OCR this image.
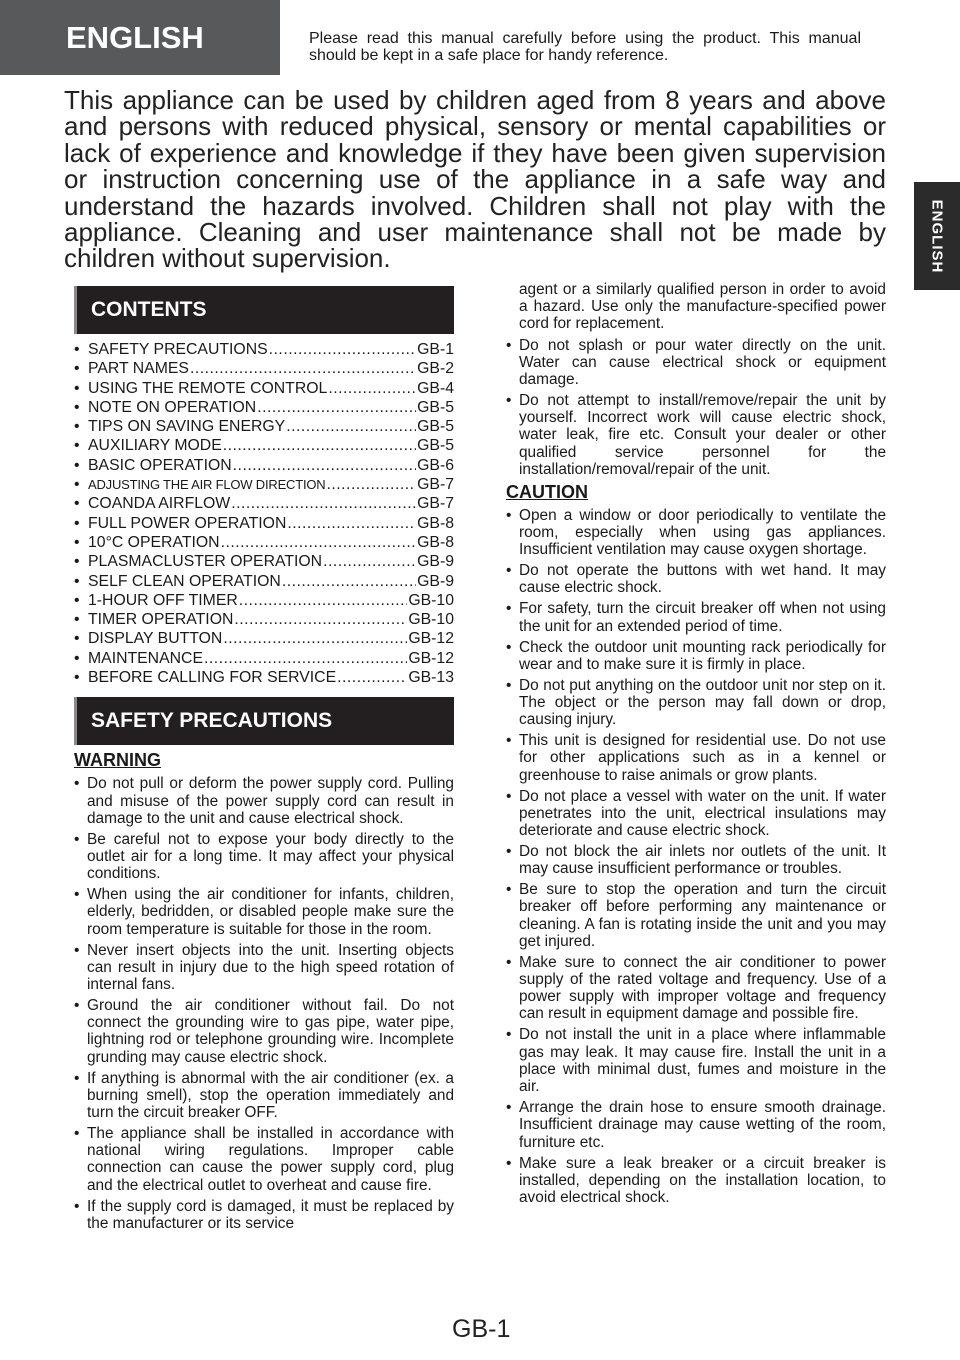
ENGLISH	Please read this manual carefully before using the product. This manual should be kept in a safe place for handy reference.
This appliance can be used by children aged from 8 years and above and persons with reduced physical, sensory or mental capabilities or lack of experience and knowledge if they have been given supervision or instruction concerning use of the appliance in a safe way and understand the hazards involved. Children shall not play with the appliance. Cleaning and user maintenance shall not be made by children without supervision.	ENGLISH
CONTENTS
• SAFETY PRECAUTIONS .....	GB-1
• PART NAMES .....	GB-2
• USING THE REMOTE CONTROL .....	GB-4
• NOTE ON OPERATION .....	GB-5
• TIPS ON SAVING ENERGY .....	GB-5
• AUXILIARY MODE .....	GB-5
• BASIC OPERATION .....	GB-6
• ADJUSTING THE AIR FLOW DIRECTION .....	GB-7
• COANDA AIRFLOW .....	GB-7
• FULL POWER OPERATION .....	GB-8
• 10°C OPERATION .....	GB-8
• PLASMACLUSTER OPERATION .....	GB-9
• SELF CLEAN OPERATION .....	GB-9
• 1-HOUR OFF TIMER .....	GB-10
• TIMER OPERATION .....	GB-10
• DISPLAY BUTTON .....	GB-12
• MAINTENANCE .....	GB-12
• BEFORE CALLING FOR SERVICE .....	GB-13
SAFETY PRECAUTIONS
WARNING
• Do not pull or deform the power supply cord. Pulling and misuse of the power supply cord can result in damage to the unit and cause electrical shock.
• Be careful not to expose your body directly to the outlet air for a long time. It may affect your physical conditions.
• When using the air conditioner for infants, children, elderly, bedridden, or disabled people make sure the room temperature is suitable for those in the room.
• Never insert objects into the unit. Inserting objects can result in injury due to the high speed rotation of internal fans.
• Ground the air conditioner without fail. Do not connect the grounding wire to gas pipe, water pipe, lightning rod or telephone grounding wire. Incomplete grunding may cause electric shock.
• If anything is abnormal with the air conditioner (ex. a burning smell), stop the operation immediately and turn the circuit breaker OFF.
• The appliance shall be installed in accordance with national wiring regulations. Improper cable connection can cause the power supply cord, plug and the electrical outlet to overheat and cause fire.
• If the supply cord is damaged, it must be replaced by the manufacturer or its service
agent or a similarly qualified person in order to avoid a hazard. Use only the manufacture-specified power cord for replacement.
• Do not splash or pour water directly on the unit. Water can cause electrical shock or equipment damage.
• Do not attempt to install/remove/repair the unit by yourself. Incorrect work will cause electric shock, water leak, fire etc. Consult your dealer or other qualified service personnel for the installation/removal/repair of the unit.
CAUTION
• Open a window or door periodically to ventilate the room, especially when using gas appliances. Insufficient ventilation may cause oxygen shortage.
• Do not operate the buttons with wet hand. It may cause electric shock.
• For safety, turn the circuit breaker off when not using the unit for an extended period of time.
• Check the outdoor unit mounting rack periodically for wear and to make sure it is firmly in place.
• Do not put anything on the outdoor unit nor step on it. The object or the person may fall down or drop, causing injury.
• This unit is designed for residential use. Do not use for other applications such as in a kennel or greenhouse to raise animals or grow plants.
• Do not place a vessel with water on the unit. If water penetrates into the unit, electrical insulations may deteriorate and cause electric shock.
• Do not block the air inlets nor outlets of the unit. It may cause insufficient performance or troubles.
• Be sure to stop the operation and turn the circuit breaker off before performing any maintenance or cleaning. A fan is rotating inside the unit and you may get injured.
• Make sure to connect the air conditioner to power supply of the rated voltage and frequency. Use of a power supply with improper voltage and frequency can result in equipment damage and possible fire.
• Do not install the unit in a place where inflammable gas may leak. It may cause fire. Install the unit in a place with minimal dust, fumes and moisture in the air.
• Arrange the drain hose to ensure smooth drainage. Insufficient drainage may cause wetting of the room, furniture etc.
• Make sure a leak breaker or a circuit breaker is installed, depending on the installation location, to avoid electrical shock.
GB-1
